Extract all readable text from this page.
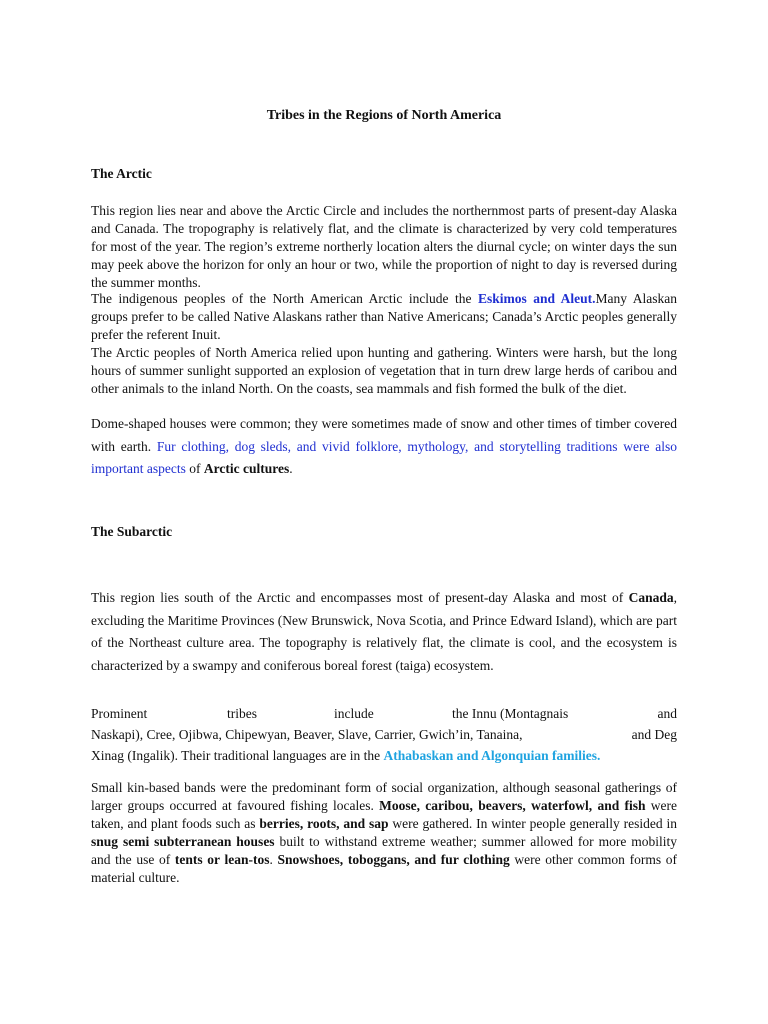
Tribes in the Regions of North America
The Arctic

This region lies near and above the Arctic Circle and includes the northernmost parts of present-day Alaska and Canada. The tropography is relatively flat, and the climate is characterized by very cold temperatures for most of the year. The region’s extreme northerly location alters the diurnal cycle; on winter days the sun may peek above the horizon for only an hour or two, while the proportion of night to day is reversed during the summer months.

The indigenous peoples of the North American Arctic include the Eskimos and Aleut.Many Alaskan groups prefer to be called Native Alaskans rather than Native Americans; Canada’s Arctic peoples generally prefer the referent Inuit.

The Arctic peoples of North America relied upon hunting and gathering. Winters were harsh, but the long hours of summer sunlight supported an explosion of vegetation that in turn drew large herds of caribou and other animals to the inland North. On the coasts, sea mammals and fish formed the bulk of the diet.

Dome-shaped houses were common; they were sometimes made of snow and other times of timber covered with earth. Fur clothing, dog sleds, and vivid folklore, mythology, and storytelling traditions were also important aspects of Arctic cultures.

The Subarctic

This region lies south of the Arctic and encompasses most of present-day Alaska and most of Canada, excluding the Maritime Provinces (New Brunswick, Nova Scotia, and Prince Edward Island), which are part of the Northeast culture area. The topography is relatively flat, the climate is cool, and the ecosystem is characterized by a swampy and coniferous boreal forest (taiga) ecosystem.

Prominent	tribes	include	the Innu (Montagnais	and
Naskapi), Cree, Ojibwa, Chipewyan, Beaver, Slave, Carrier, Gwich’in, Tanaina,	and Deg
Xinag (Ingalik). Their traditional languages are in the Athabaskan and Algonquian families.

Small kin-based bands were the predominant form of social organization, although seasonal gatherings of larger groups occurred at favoured fishing locales. Moose, caribou, beavers, waterfowl, and fish were taken, and plant foods such as berries, roots, and sap were gathered. In winter people generally resided in snug semi subterranean houses built to withstand extreme weather; summer allowed for more mobility and the use of tents or lean-tos. Snowshoes, toboggans, and fur clothing were other common forms of material culture.
